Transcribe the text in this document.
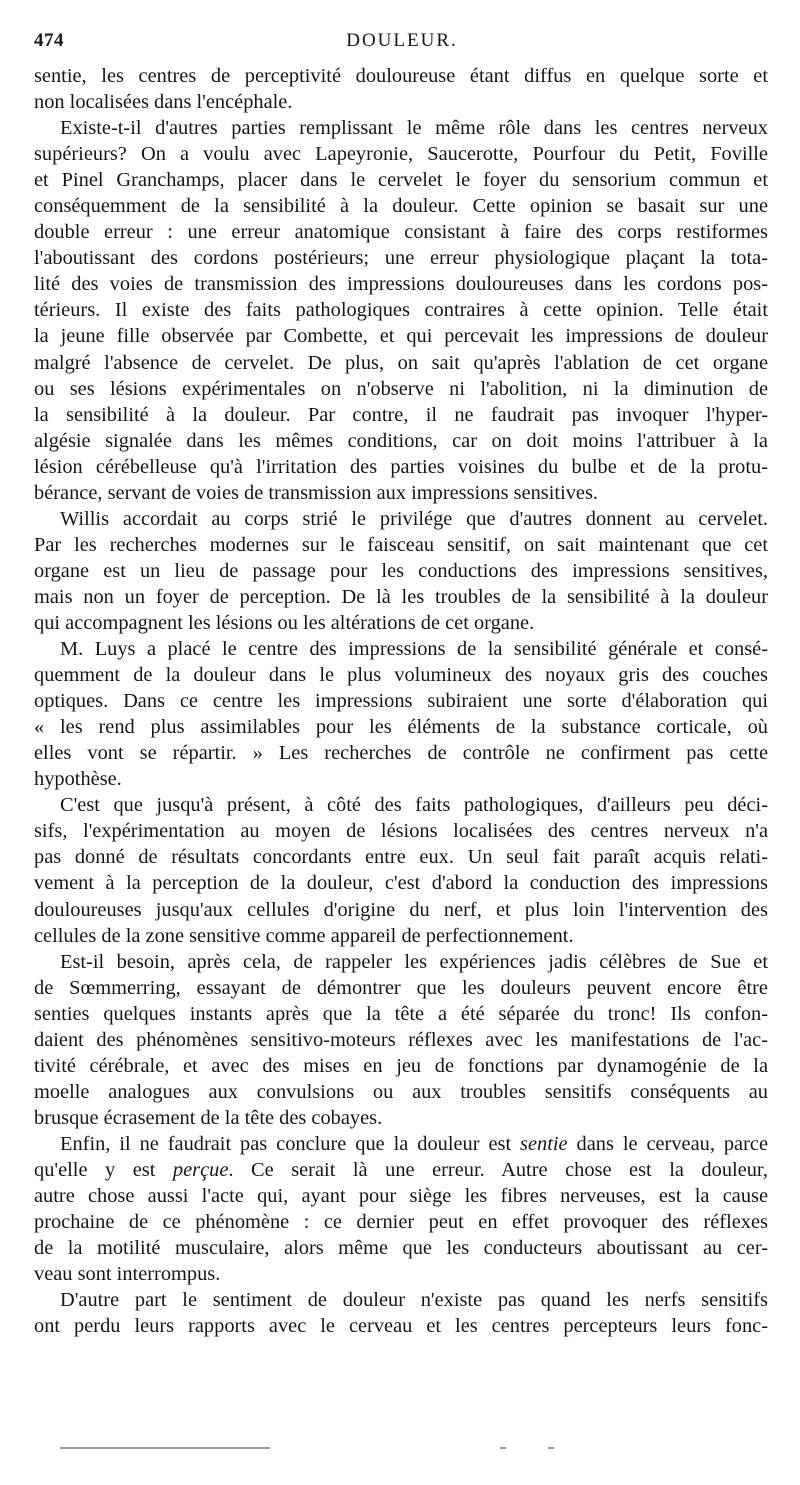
474	DOULEUR.
sentie, les centres de perceptivité douloureuse étant diffus en quelque sorte et
non localisées dans l'encéphale.
Existe-t-il d'autres parties remplissant le même rôle dans les centres nerveux
supérieurs? On a voulu avec Lapeyronie, Saucerotte, Pourfour du Petit, Foville
et Pinel Granchamps, placer dans le cervelet le foyer du sensorium commun et
conséquemment de la sensibilité à la douleur. Cette opinion se basait sur une
double erreur : une erreur anatomique consistant à faire des corps restiformes
l'aboutissant des cordons postérieurs; une erreur physiologique plaçant la tota-
lité des voies de transmission des impressions douloureuses dans les cordons pos-
térieurs. Il existe des faits pathologiques contraires à cette opinion. Telle était
la jeune fille observée par Combette, et qui percevait les impressions de douleur
malgré l'absence de cervelet. De plus, on sait qu'après l'ablation de cet organe
ou ses lésions expérimentales on n'observe ni l'abolition, ni la diminution de
la sensibilité à la douleur. Par contre, il ne faudrait pas invoquer l'hyper-
algésie signalée dans les mêmes conditions, car on doit moins l'attribuer à la
lésion cérébelleuse qu'à l'irritation des parties voisines du bulbe et de la protu-
bérance, servant de voies de transmission aux impressions sensitives.
Willis accordait au corps strié le privilége que d'autres donnent au cervelet.
Par les recherches modernes sur le faisceau sensitif, on sait maintenant que cet
organe est un lieu de passage pour les conductions des impressions sensitives,
mais non un foyer de perception. De là les troubles de la sensibilité à la douleur
qui accompagnent les lésions ou les altérations de cet organe.
M. Luys a placé le centre des impressions de la sensibilité générale et consé-
quemment de la douleur dans le plus volumineux des noyaux gris des couches
optiques. Dans ce centre les impressions subiraient une sorte d'élaboration qui
« les rend plus assimilables pour les éléments de la substance corticale, où
elles vont se répartir. » Les recherches de contrôle ne confirment pas cette
hypothèse.
C'est que jusqu'à présent, à côté des faits pathologiques, d'ailleurs peu déci-
sifs, l'expérimentation au moyen de lésions localisées des centres nerveux n'a
pas donné de résultats concordants entre eux. Un seul fait paraît acquis relati-
vement à la perception de la douleur, c'est d'abord la conduction des impressions
douloureuses jusqu'aux cellules d'origine du nerf, et plus loin l'intervention des
cellules de la zone sensitive comme appareil de perfectionnement.
Est-il besoin, après cela, de rappeler les expériences jadis célèbres de Sue et
de Sœmmerring, essayant de démontrer que les douleurs peuvent encore être
senties quelques instants après que la tête a été séparée du tronc! Ils confon-
daient des phénomènes sensitivo-moteurs réflexes avec les manifestations de l'ac-
tivité cérébrale, et avec des mises en jeu de fonctions par dynamogénie de la
moelle analogues aux convulsions ou aux troubles sensitifs conséquents au
brusque écrasement de la tête des cobayes.
Enfin, il ne faudrait pas conclure que la douleur est sentie dans le cerveau, parce
qu'elle y est perçue. Ce serait là une erreur. Autre chose est la douleur,
autre chose aussi l'acte qui, ayant pour siège les fibres nerveuses, est la cause
prochaine de ce phénomène : ce dernier peut en effet provoquer des réflexes
de la motilité musculaire, alors même que les conducteurs aboutissant au cer-
veau sont interrompus.
D'autre part le sentiment de douleur n'existe pas quand les nerfs sensitifs
ont perdu leurs rapports avec le cerveau et les centres percepteurs leurs fonc-
